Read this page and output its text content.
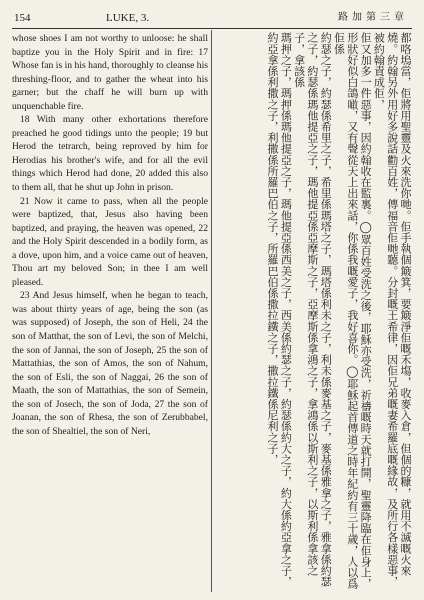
154	LUKE, 3.	路加第三章

whose shoes I am not worthy to unloose: he shall baptize you in the Holy Spirit and in fire: 17 Whose fan is in his hand, thoroughly to cleanse his threshing-floor, and to gather the wheat into his garner; but the chaff he will burn up with unquenchable fire.

18 With many other exhortations therefore preached he good tidings unto the people; 19 but Herod the tetrarch, being reproved by him for Herodias his brother's wife, and for all the evil things which Herod had done, 20 added this also to them all, that he shut up John in prison.

21 Now it came to pass, when all the people were baptized, that, Jesus also having been baptized, and praying, the heaven was opened, 22 and the Holy Spirit descended in a bodily form, as a dove, upon him, and a voice came out of heaven, Thou art my beloved Son; in thee I am well pleased.

23 And Jesus himself, when he began to teach, was about thirty years of age, being the son (as was supposed) of Joseph, the son of Heli, 24 the son of Matthat, the son of Levi, the son of Melchi, the son of Jannai, the son of Joseph, 25 the son of Mattathias, the son of Amos, the son of Nahum, the son of Esli, the son of Naggai, 26 the son of Maath, the son of Mattathias, the son of Semein, the son of Josech, the son of Joda, 27 the son of Joanan, the son of Rhesa, the son of Zerubbabel, the son of Shealtiel, the son of Neri,	都咯塢當，佢將用聖靈及火來洗你哋。佢手執個簸箕，要簸淨佢嘅禾塲，收麥入倉，但個的糠，就用不滅嘅火來燒。約翰另外用好多說話勸百姓，傳福音佢哋聽。分封嘅王希律，因佢兄弟嘅妻希羅底嘅緣故，及所行各樣惡事，被約翰責成佢，

佢又加多一件惡事，因約翰收在監裏。◯眾百姓受洗之後，耶穌亦受洗，祈禱嘅時天就打開，聖靈降臨在佢身上，形狀好似白鴿噉，又有聲從天上出來話，你係我嘅愛子，我好喜你。◯耶穌起首傳道之時年紀約有三十歲，人以爲佢係

約瑟之子，約瑟係希里之子，希里係瑪塔之子，瑪塔係利未之子，利未係麥基之子，麥基係雅拿之子，雅拿係約瑟之子，約瑟係瑪他提亞之子，瑪他提亞係亞摩斯之子，亞摩斯係拿鴻之子，拿鴻係以斯利之子，以斯利係拿該之子，拿該係

瑪押之子，瑪押係瑪他提亞之子，瑪他提亞係西美之子，西美係約瑟之子，約瑟係約大之子，約大係約亞拿之子，約亞拿係利撒之子，利撒係所羅巴伯之子，所羅巴伯係撒拉鐵之子，撒拉鐵係尼利之子，
